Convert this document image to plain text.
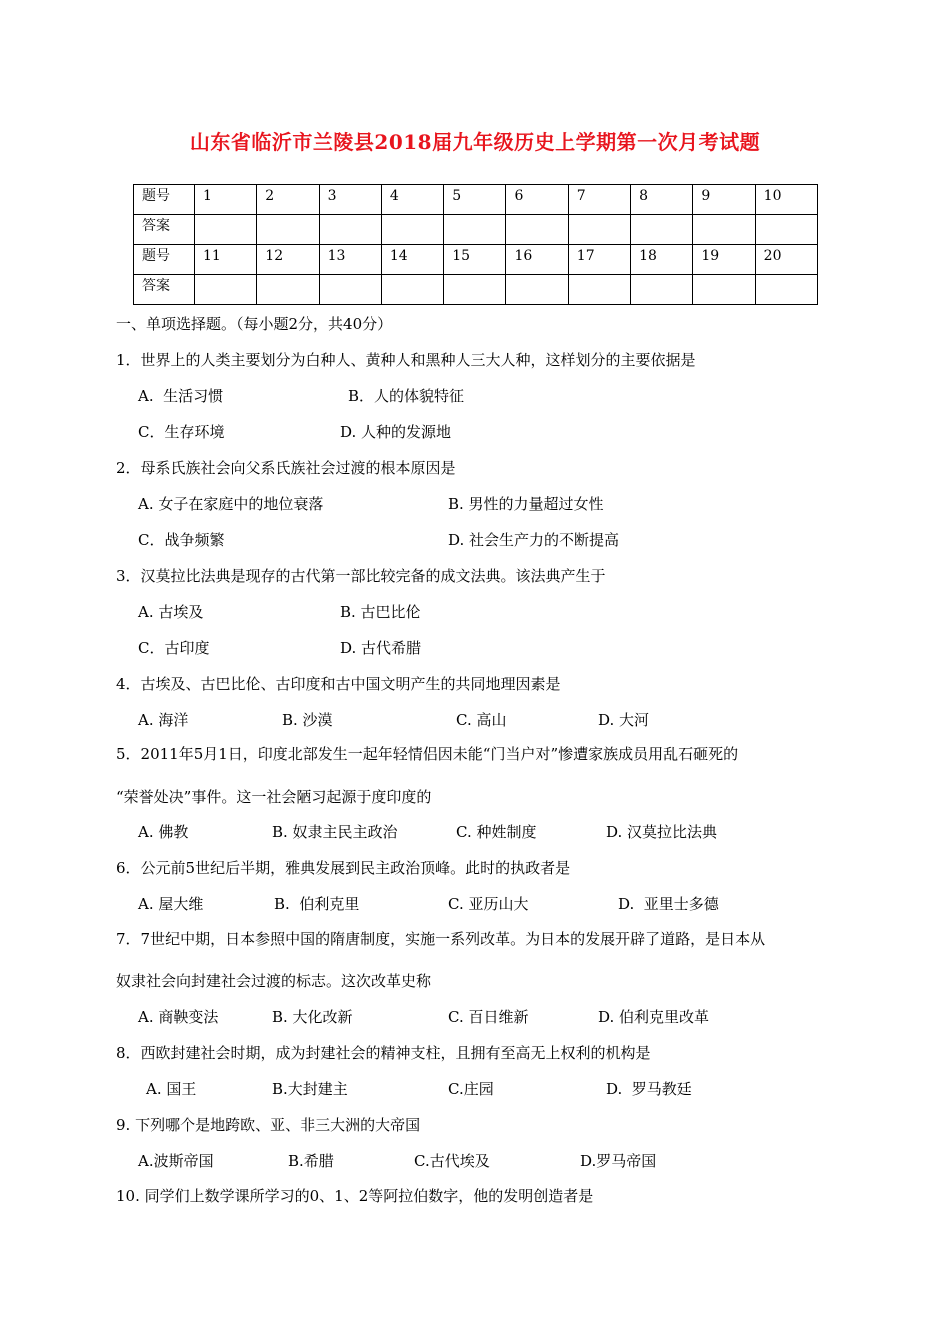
山东省临沂市兰陵县2018届九年级历史上学期第一次月考试题
题号	1	2	3	4	5	6	7	8	9	10
答案										
题号	11	12	13	14	15	16	17	18	19	20
答案										
一、单项选择题。（每小题2分，共40分）
1．世界上的人类主要划分为白种人、黄种人和黑种人三大人种，这样划分的主要依据是
A.  生活习惯	B．人的体貌特征
C．生存环境	D. 人种的发源地
2．母系氏族社会向父系氏族社会过渡的根本原因是
A. 女子在家庭中的地位衰落	B. 男性的力量超过女性
C．战争频繁	D. 社会生产力的不断提高
3．汉莫拉比法典是现存的古代第一部比较完备的成文法典。该法典产生于
A. 古埃及	B. 古巴比伦
C．古印度	D. 古代希腊
4．古埃及、古巴比伦、古印度和古中国文明产生的共同地理因素是
A. 海洋	B. 沙漠	C. 高山	D. 大河
5．2011年5月1日，印度北部发生一起年轻情侣因未能“门当户对”惨遭家族成员用乱石砸死的
“荣誉处决”事件。这一社会陋习起源于度印度的
A. 佛教	B. 奴隶主民主政治	C. 种姓制度	D. 汉莫拉比法典
6．公元前5世纪后半期，雅典发展到民主政治顶峰。此时的执政者是
A. 屋大维	B.  伯利克里	C. 亚历山大	D.  亚里士多德
7．7世纪中期，日本参照中国的隋唐制度，实施一系列改革。为日本的发展开辟了道路，是日本从
奴隶社会向封建社会过渡的标志。这次改革史称
A. 商鞅变法	B. 大化改新	C. 百日维新	D. 伯利克里改革
8．西欧封建社会时期，成为封建社会的精神支柱，且拥有至高无上权利的机构是
A. 国王	B.大封建主	C.庄园	D.  罗马教廷
9. 下列哪个是地跨欧、亚、非三大洲的大帝国
A.波斯帝国	B.希腊	C.古代埃及	D.罗马帝国
10. 同学们上数学课所学习的0、1、2等阿拉伯数字，他的发明创造者是
